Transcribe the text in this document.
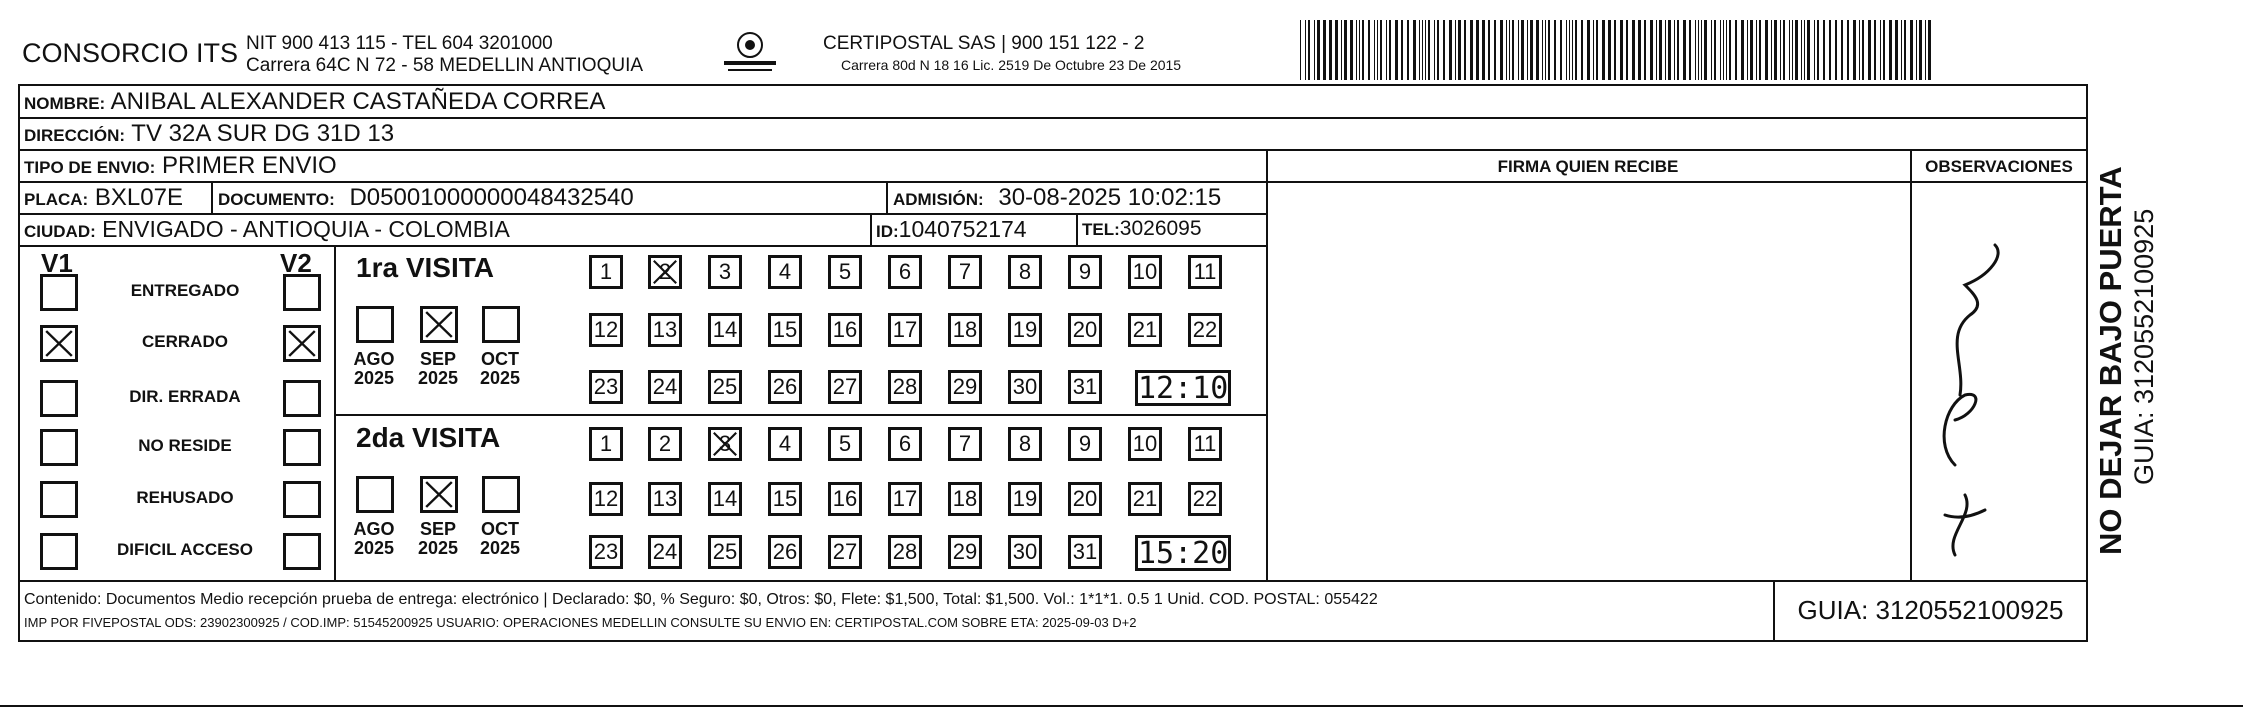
CONSORCIO ITS NIT 900 413 115 - TEL 604 3201000
Carrera 64C N 72 - 58 MEDELLIN ANTIOQUIA
CERTIPOSTAL SAS | 900 151 122 - 2
Carrera 80d N 18 16 Lic. 2519 De Octubre 23 De 2015
NOMBRE: ANIBAL ALEXANDER CASTAÑEDA CORREA
DIRECCIÓN: TV 32A SUR DG 31D 13
TIPO DE ENVIO: PRIMER ENVIO	FIRMA QUIEN RECIBE	OBSERVACIONES
PLACA: BXL07E DOCUMENTO: D05001000000048432540	ADMISIÓN: 30-08-2025 10:02:15
CIUDAD: ENVIGADO - ANTIOQUIA - COLOMBIA	ID:1040752174	TEL:3026095
V1	V2 1ra VISITA
12:10
2da VISITA
15:20
Contenido: Documentos Medio recepción prueba de entrega: electrónico | Declarado: $0, % Seguro: $0, Otros: $0, Flete: $1,500, Total: $1,500. Vol.: 1*1*1. 0.5 1 Unid. COD. POSTAL: 055422
IMP POR FIVEPOSTAL ODS: 23902300925 / COD.IMP: 51545200925 USUARIO: OPERACIONES MEDELLIN CONSULTE SU ENVIO EN: CERTIPOSTAL.COM SOBRE ETA: 2025-09-03 D+2	GUIA: 3120552100925
NO DEJAR BAJO PUERTA GUIA: 3120552100925
ENTREGADO
CERRADO
DIR. ERRADA
NO RESIDE
REHUSADO
DIFICIL ACCESO
AGO
2025
SEP
2025
OCT
2025
1 2 3 4 5 6 7 8 9 10 11
12 13 14 15 16 17 18 19 20 21 22
23 24 25 26 27 28 29 30 31
AGO
2025
SEP
2025
OCT
2025
1 2 3 4 5 6 7 8 9 10 11
12 13 14 15 16 17 18 19 20 21 22
23 24 25 26 27 28 29 30 31
